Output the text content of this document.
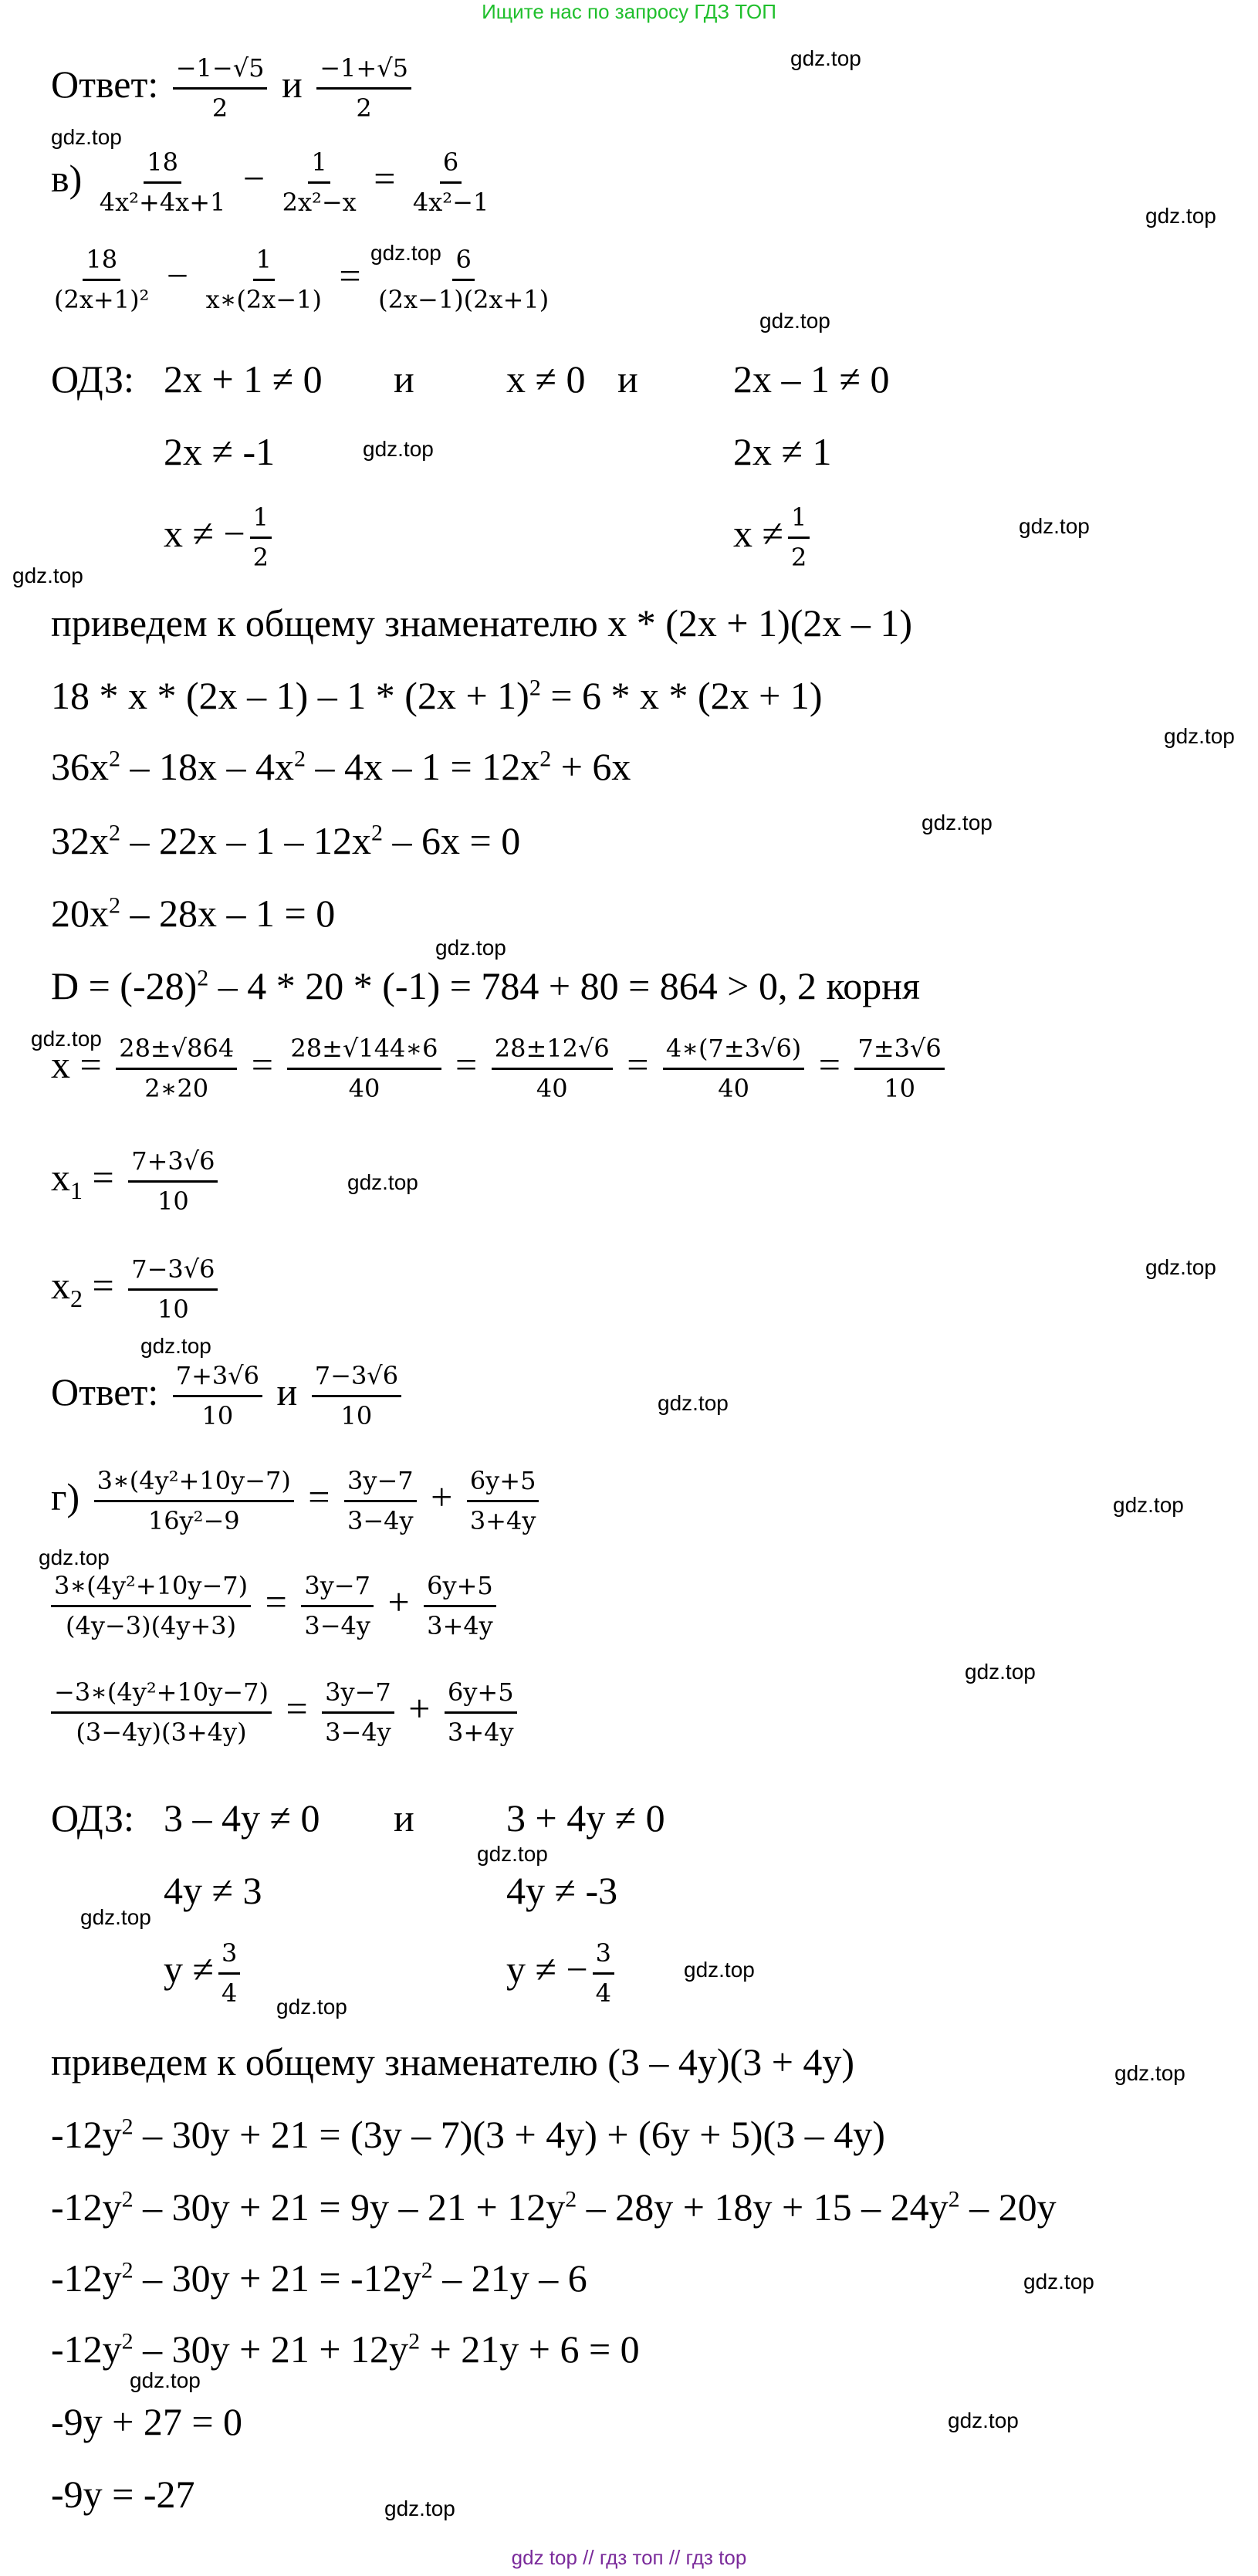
Ищите нас по запросу ГДЗ ТОП
Ответ: $\frac{-1-√5}{2}$ и $\frac{-1+√5}{2}$
$в) \frac{18}{\text{4x²+4x+1}} - \frac{1}{\text{2x²−x}} = \frac{6}{\text{4x²−1}}$
$\frac{18}{\text{(2x+1)²}} - \frac{1}{x∗(2x-1)} = \frac{6}{(2x-1)(2x+1)}$
ОДЗ: 2x + 1 ≠ 0 и x ≠ 0 и 2x – 1 ≠ 0
2x ≠ -1	2x ≠ 1
x ≠ − $\frac{1}{2}$	$x \ne \frac{1}{2}$
приведем к общему знаменателю x * (2x + 1)(2x – 1)
$18 * x * (2x - 1) - 1 * (2x + 1)^2 = 6 * x * (2x + 1)$
$36x^2 - 18x - 4x^2 - 4x - 1 = 12x^2 + 6x$
$32x^2 - 22x - 1 - 12x^2 - 6x = 0$
$20x^2 - 28x - 1 = 0$
$D = (-28)^2 - 4 * 20 * (-1) = 784 + 80 = 864 > 0$, 2 корня
$x = \frac{28\pm√864}{2∗20} = \frac{28\pm√144∗6}{40} = \frac{28\pm 12√6}{40} = \frac{4∗(7\pm 3√6)}{40} = \frac{7\pm 3√6}{10}$
$x_1 = \frac{7+3√6}{10}$
$x_2 = \frac{7-3√6}{10}$
Ответ: $\frac{7+3√6}{10}$ и $\frac{7-3√6}{10}$
$г) \frac{\text{3∗(4y²+10y−7)}}{\text{16y²−9}} = \frac{3y-7}{3-4y} + \frac{6y+5}{3+4y}$
$\frac{\text{3∗(4y²+10y−7)}}{(4y-3)(4y+3)} = \frac{3y-7}{3-4y} + \frac{6y+5}{3+4y}$
$\frac{\text{−3∗(4y²+10y−7)}}{(3-4y)(3+4y)} = \frac{3y-7}{3-4y} + \frac{6y+5}{3+4y}$
ОДЗ: 3 – 4y ≠ 0 и 3 + 4y ≠ 0
4y ≠ 3	4y ≠ -3
$y \ne \frac{3}{4}$	y ≠ − $\frac{3}{4}$
приведем к общему знаменателю (3 – 4y)(3 + 4y)
$-12y^2 - 30y + 21 = (3y - 7)(3 + 4y) + (6y + 5)(3 - 4y)$
$-12y^2 - 30y + 21 = 9y - 21 + 12y^2 - 28y + 18y + 15 - 24y^2 - 20y$
$-12y^2 - 30y + 21 = -12y^2 - 21y - 6$
$-12y^2 - 30y + 21 + 12y^2 + 21y + 6 = 0$
-9y + 27 = 0
-9y = -27
gdz.top
gdz.top
gdz.top
gdz.top
gdz.top
gdz.top
gdz.top
gdz.top
gdz.top
gdz.top
gdz.top
gdz.top
gdz.top
gdz.top
gdz.top
gdz.top
gdz.top
gdz.top
gdz.top
gdz.top
gdz.top
gdz.top
gdz.top
gdz.top
gdz.top
gdz.top
gdz.top
gdz.top
gdz top // гдз топ // гдз top
